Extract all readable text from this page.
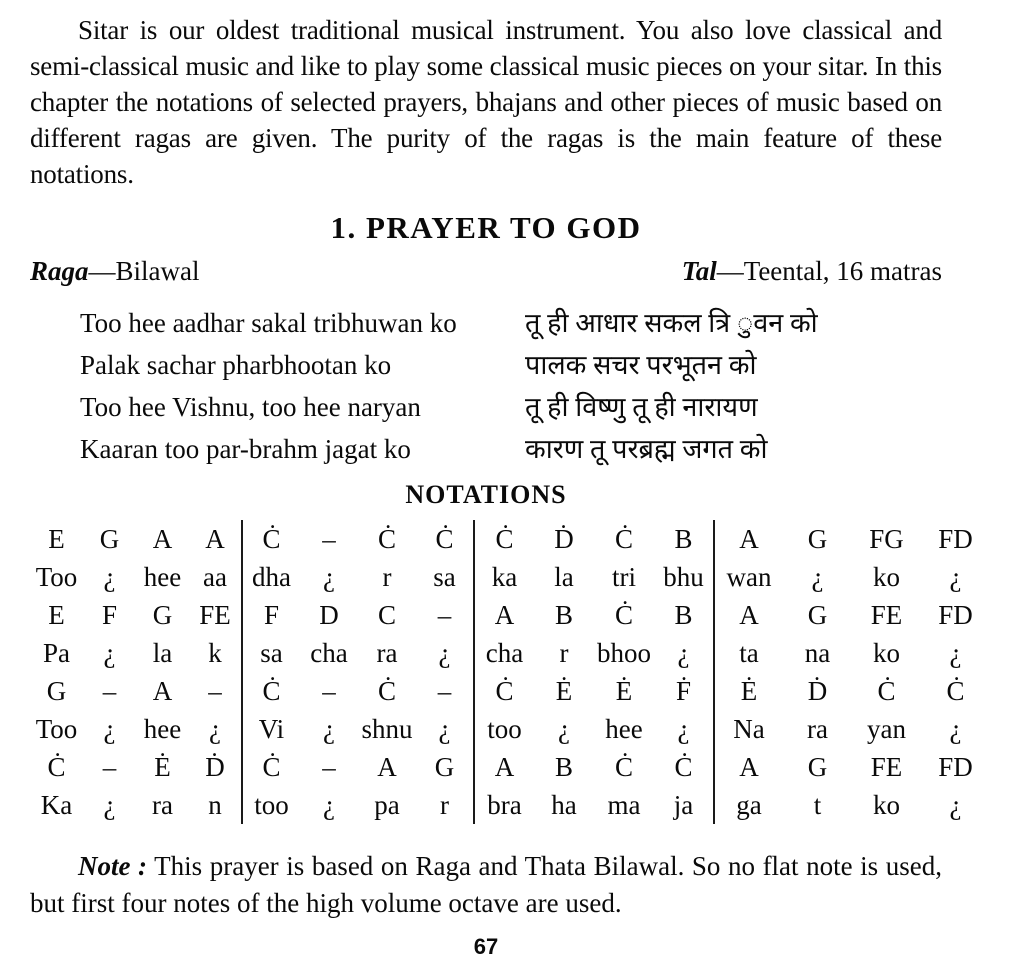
Sitar is our oldest traditional musical instrument. You also love classical and semi-classical music and like to play some classical music pieces on your sitar. In this chapter the notations of selected prayers, bhajans and other pieces of music based on different ragas are given. The purity of the ragas is the main feature of these notations.

1. PRAYER TO GOD
Raga—Bilawal	Tal—Teental, 16 matras
Too hee aadhar sakal tribhuwan ko	तू ही आधार सकल त्रि ुवन को
Palak sachar pharbhootan ko	पालक सचर परभूतन को
Too hee Vishnu, too hee naryan	तू ही विष्णु तू ही नारायण
Kaaran too par-brahm jagat ko	कारण तू परब्रह्म जगत को
NOTATIONS
E	G	A	A	Ċ	–	Ċ	Ċ	Ċ	Ḋ	Ċ	B	A	G	FG	FD
Too	¿	hee	aa	dha	¿	r	sa	ka	la	tri	bhu	wan	¿	ko	¿
E	F	G	FE	F	D	C	–	A	B	Ċ	B	A	G	FE	FD
Pa	¿	la	k	sa	cha	ra	¿	cha	r	bhoo	¿	ta	na	ko	¿
G	–	A	–	Ċ	–	Ċ	–	Ċ	Ė	Ė	Ḟ	Ė	Ḋ	Ċ	Ċ
Too	¿	hee	¿	Vi	¿	shnu	¿	too	¿	hee	¿	Na	ra	yan	¿
Ċ	–	Ė	Ḋ	Ċ	–	A	G	A	B	Ċ	Ċ	A	G	FE	FD
Ka	¿	ra	n	too	¿	pa	r	bra	ha	ma	ja	ga	t	ko	¿

Note : This prayer is based on Raga and Thata Bilawal. So no flat note is used, but first four notes of the high volume octave are used.

67
